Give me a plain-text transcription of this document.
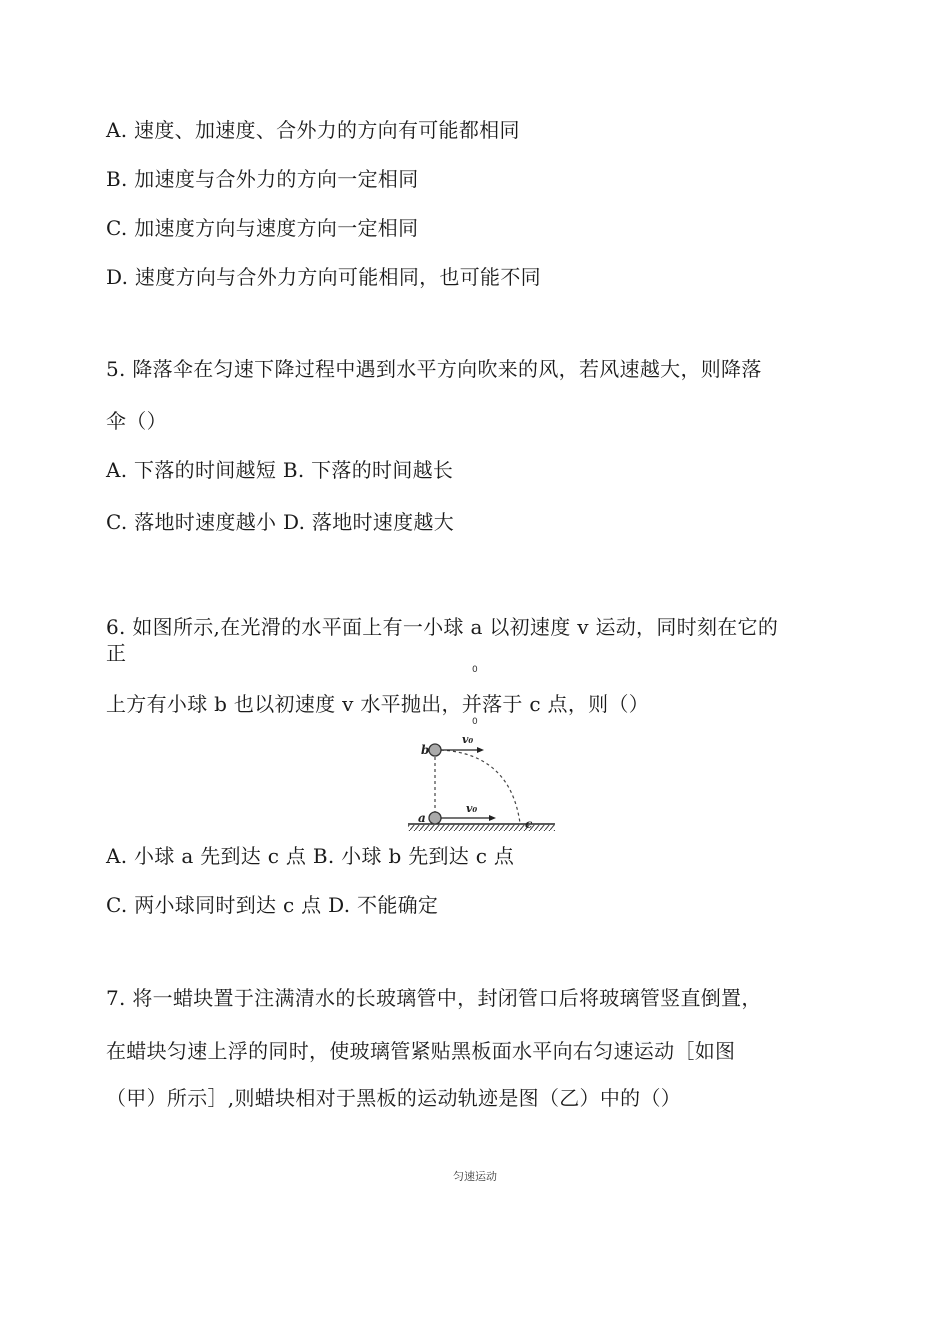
A. 速度、加速度、合外力的方向有可能都相同
B. 加速度与合外力的方向一定相同
C. 加速度方向与速度方向一定相同
D. 速度方向与合外力方向可能相同，也可能不同
5. 降落伞在匀速下降过程中遇到水平方向吹来的风，若风速越大，则降落
伞（）
A. 下落的时间越短 B. 下落的时间越长
C. 落地时速度越小 D. 落地时速度越大
6. 如图所示,在光滑的水平面上有一小球 a 以初速度 v 运动，同时刻在它的
正
0
上方有小球 b 也以初速度 v 水平抛出，并落于 c 点，则（）
0
b
a	c
v₀
v₀
A. 小球 a 先到达 c 点 B. 小球 b 先到达 c 点
C. 两小球同时到达 c 点 D. 不能确定
7. 将一蜡块置于注满清水的长玻璃管中，封闭管口后将玻璃管竖直倒置，
在蜡块匀速上浮的同时，使玻璃管紧贴黑板面水平向右匀速运动［如图
（甲）所示］,则蜡块相对于黑板的运动轨迹是图（乙）中的（）
匀速运动
